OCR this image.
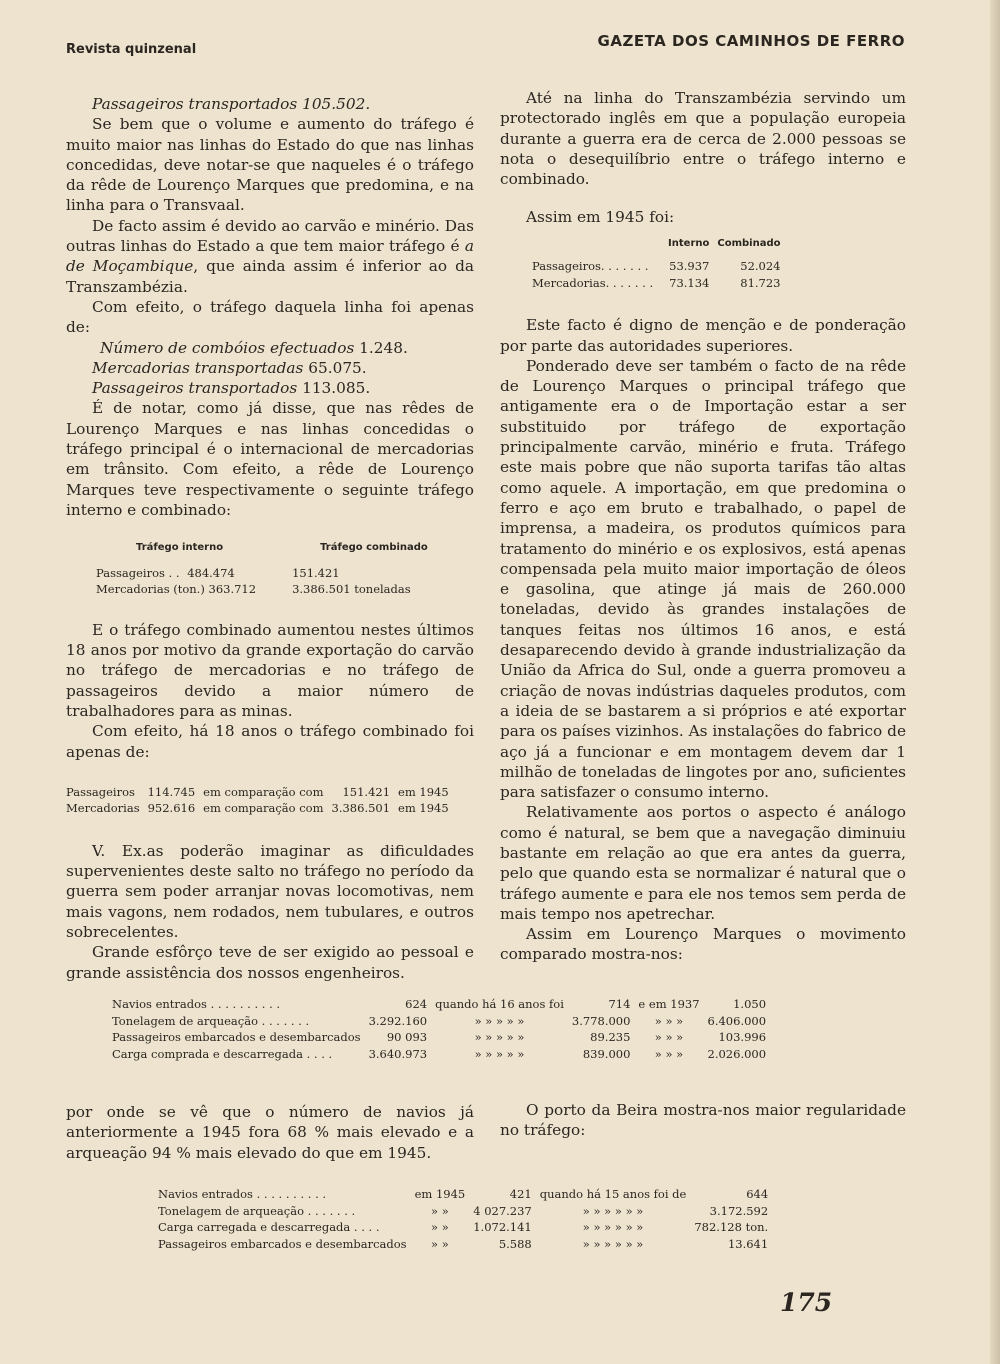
Revista quinzenal	GAZETA DOS CAMINHOS DE FERRO

Passageiros transportados 105.502.

Se bem que o volume e aumento do tráfego é muito maior nas linhas do Estado do que nas linhas concedidas, deve notar-se que naqueles é o tráfego da rêde de Lourenço Marques que predomina, e na linha para o Transvaal.

De facto assim é devido ao carvão e minério. Das outras linhas do Estado a que tem maior tráfego é a de Moçambique, que ainda assim é inferior ao da Transzambézia.

Com efeito, o tráfego daquela linha foi apenas de:

Número de combóios efectuados 1.248.

Mercadorias transportadas 65.075.

Passageiros transportados 113.085.

É de notar, como já disse, que nas rêdes de Lourenço Marques e nas linhas concedidas o tráfego principal é o internacional de mercadorias em trânsito. Com efeito, a rêde de Lourenço Marques teve respectivamente o seguinte tráfego interno e combinado:

Tráfego interno	Tráfego combinado

Passageiros . . 484.474	151.421
Mercadorias (ton.) 363.712	3.386.501 toneladas

E o tráfego combinado aumentou nestes últimos 18 anos por motivo da grande exportação do carvão no tráfego de mercadorias e no tráfego de passageiros devido a maior número de trabalhadores para as minas.

Com efeito, há 18 anos o tráfego combinado foi apenas de:

Passageiros	114.745	em comparação com	151.421	em 1945
Mercadorias	952.616	em comparação com	3.386.501	em 1945

V. Ex.as poderão imaginar as dificuldades supervenientes deste salto no tráfego no período da guerra sem poder arranjar novas locomotivas, nem mais vagons, nem rodados, nem tubulares, e outros sobrecelentes.

Grande esfôrço teve de ser exigido ao pessoal e grande assistência dos nossos engenheiros.

Até na linha do Transzambézia servindo um protectorado inglês em que a população europeia durante a guerra era de cerca de 2.000 pessoas se nota o desequilíbrio entre o tráfego interno e combinado.

Assim em 1945 foi:

	Interno	Combinado

Passageiros. . . . . . .	53.937	52.024
Mercadorias. . . . . . .	73.134	81.723

Este facto é digno de menção e de ponderação por parte das autoridades superiores.

Ponderado deve ser também o facto de na rêde de Lourenço Marques o principal tráfego que antigamente era o de Importação estar a ser substituido por tráfego de exportação principalmente carvão, minério e fruta. Tráfego este mais pobre que não suporta tarifas tão altas como aquele. A importação, em que predomina o ferro e aço em bruto e trabalhado, o papel de imprensa, a madeira, os produtos químicos para tratamento do minério e os explosivos, está apenas compensada pela muito maior importação de óleos e gasolina, que atinge já mais de 260.000 toneladas, devido às grandes instalações de tanques feitas nos últimos 16 anos, e está desaparecendo devido à grande industrialização da União da Africa do Sul, onde a guerra promoveu a criação de novas indústrias daqueles produtos, com a ideia de se bastarem a si próprios e até exportar para os países vizinhos. As instalações do fabrico de aço já a funcionar e em montagem devem dar 1 milhão de toneladas de lingotes por ano, suficientes para satisfazer o consumo interno.

Relativamente aos portos o aspecto é análogo como é natural, se bem que a navegação diminuiu bastante em relação ao que era antes da guerra, pelo que quando esta se normalizar é natural que o tráfego aumente e para ele nos temos sem perda de mais tempo nos apetrechar.

Assim em Lourenço Marques o movimento comparado mostra-nos:

Navios entrados . . . . . . . . . .	624	quando há 16 anos foi	714	e em 1937	1.050
Tonelagem de arqueação . . . . . . .	3.292.160	» » » » »	3.778.000	» » »	6.406.000
Passageiros embarcados e desembarcados	90 093	» » » » »	89.235	» » »	103.996
Carga comprada e descarregada . . . .	3.640.973	» » » » »	839.000	» » »	2.026.000

por onde se vê que o número de navios já anteriormente a 1945 fora 68 % mais elevado e a arqueação 94 % mais elevado do que em 1945.

O porto da Beira mostra-nos maior regularidade no tráfego:

Navios entrados . . . . . . . . . .	em 1945	421	quando há 15 anos foi de	644
Tonelagem de arqueação . . . . . . .	» »	4 027.237	» » » » » »	3.172.592
Carga carregada e descarregada . . . .	» »	1.072.141	» » » » » »	782.128 ton.
Passageiros embarcados e desembarcados	» »	5.588	» » » » » »	13.641
175
